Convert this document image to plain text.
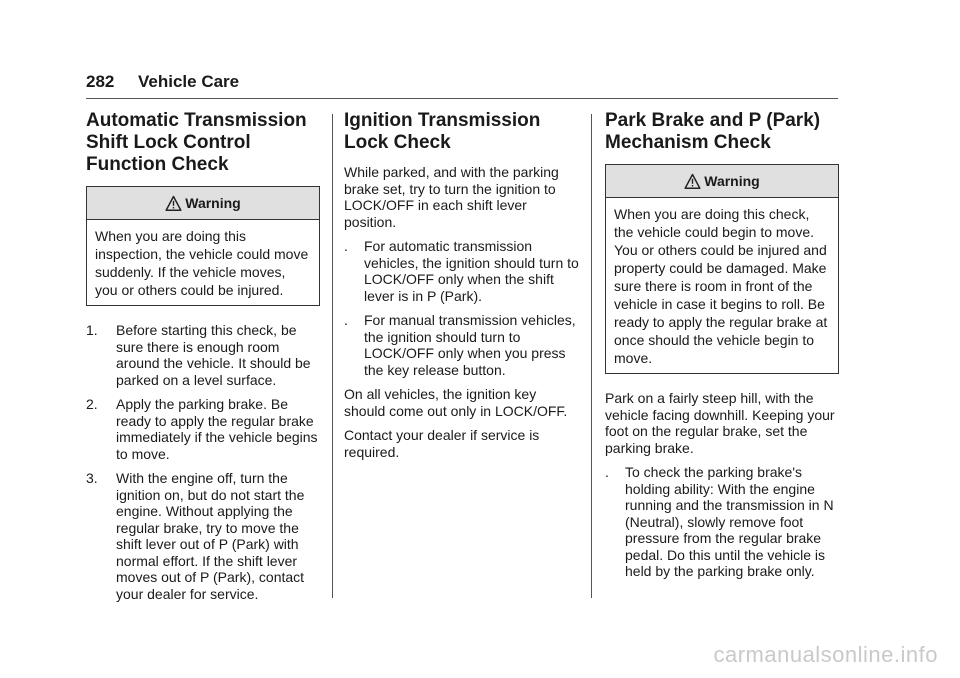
282 Vehicle Care
Automatic Transmission
Shift Lock Control
Function Check
Warning
When you are doing this inspection, the vehicle could move suddenly. If the vehicle moves, you or others could be injured.
1. Before starting this check, be sure there is enough room around the vehicle. It should be parked on a level surface.
2. Apply the parking brake. Be ready to apply the regular brake immediately if the vehicle begins to move.
3. With the engine off, turn the ignition on, but do not start the engine. Without applying the regular brake, try to move the shift lever out of P (Park) with normal effort. If the shift lever moves out of P (Park), contact your dealer for service.
Ignition Transmission
Lock Check

While parked, and with the parking brake set, try to turn the ignition to LOCK/OFF in each shift lever position.

. For automatic transmission vehicles, the ignition should turn to LOCK/OFF only when the shift lever is in P (Park).
. For manual transmission vehicles, the ignition should turn to LOCK/OFF only when you press the key release button.

On all vehicles, the ignition key should come out only in LOCK/OFF.

Contact your dealer if service is required.

Park Brake and P (Park)
Mechanism Check
Warning
When you are doing this check, the vehicle could begin to move. You or others could be injured and property could be damaged. Make sure there is room in front of the vehicle in case it begins to roll. Be ready to apply the regular brake at once should the vehicle begin to move.

Park on a fairly steep hill, with the vehicle facing downhill. Keeping your foot on the regular brake, set the parking brake.

. To check the parking brake's holding ability: With the engine running and the transmission in N (Neutral), slowly remove foot pressure from the regular brake pedal. Do this until the vehicle is held by the parking brake only.
carmanualsonline.info
